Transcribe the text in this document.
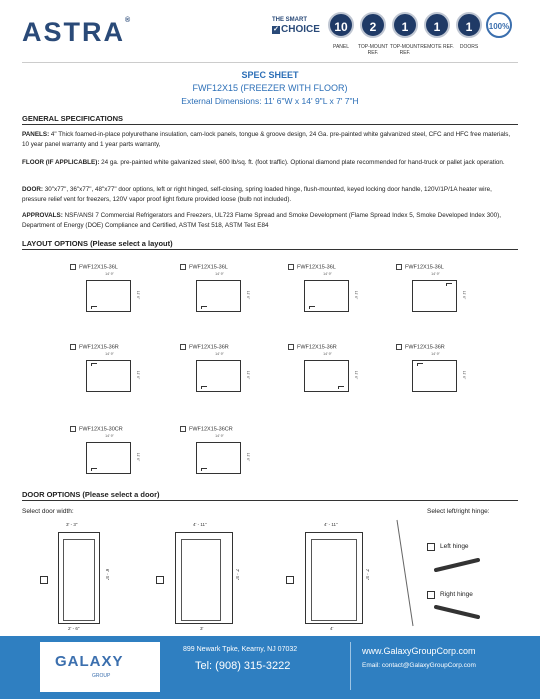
ASTRA®	THE SMART
✓ CHOICE	10
PANEL
2
TOP-MOUNT REF.
1
TOP-MOUNT REF.
1
REMOTE REF.
1
DOORS
100%
SPEC SHEET
FWF12X15 (FREEZER WITH FLOOR)
External Dimensions: 11' 6"W x 14' 9"L x 7' 7"H
GENERAL SPECIFICATIONS
PANELS: 4" Thick foamed-in-place polyurethane insulation, cam-lock panels, tongue & groove design, 24 Ga. pre-painted white galvanized steel, CFC and HFC free materials, 10 year panel warranty and 1 year parts warranty,
FLOOR (IF APPLICABLE): 24 ga. pre-painted white galvanized steel, 600 lb/sq. ft. (foot traffic). Optional diamond plate recommended for hand-truck or pallet jack operation.
DOOR: 30"x77", 36"x77", 48"x77" door options, left or right hinged, self-closing, spring loaded hinge, flush-mounted, keyed locking door handle, 120V/1P/1A heater wire, pressure relief vent for freezers, 120V vapor proof light fixture provided loose (bulb not included).
APPROVALS: NSF/ANSI 7 Commercial Refrigerators and Freezers, UL723 Flame Spread and Smoke Development (Flame Spread Index 5, Smoke Developed Index 300), Department of Energy (DOE) Compliance and Certified, ASTM Test 518, ASTM Test E84
LAYOUT OPTIONS (Please select a layout)
FWF12X15-36L
14' 9"
11' 6"
FWF12X15-36L
14' 9"
11' 6"
FWF12X15-36L
14' 9"
11' 6"
FWF12X15-36L
14' 9"
11' 6"
FWF12X15-36R
14' 9"
11' 6"
FWF12X15-36R
14' 9"
11' 6"
FWF12X15-36R
14' 9"
11' 6"
FWF12X15-36R
14' 9"
11' 6"
FWF12X15-30CR
14' 9"
11' 6"
FWF12X15-36CR
14' 9"
11' 6"
DOOR OPTIONS (Please select a door)
Select door width:	Select left/right hinge:
3' - 3"
6' - 5"
2' - 6"
4' - 11"
7' - 5"
3'
4' - 11"
7' - 5"
4'
Left hinge
Right hinge
GALAXY
GROUP
899 Newark Tpke, Kearny, NJ 07032
Tel: (908) 315-3222
www.GalaxyGroupCorp.com
Email: contact@GalaxyGroupCorp.com
